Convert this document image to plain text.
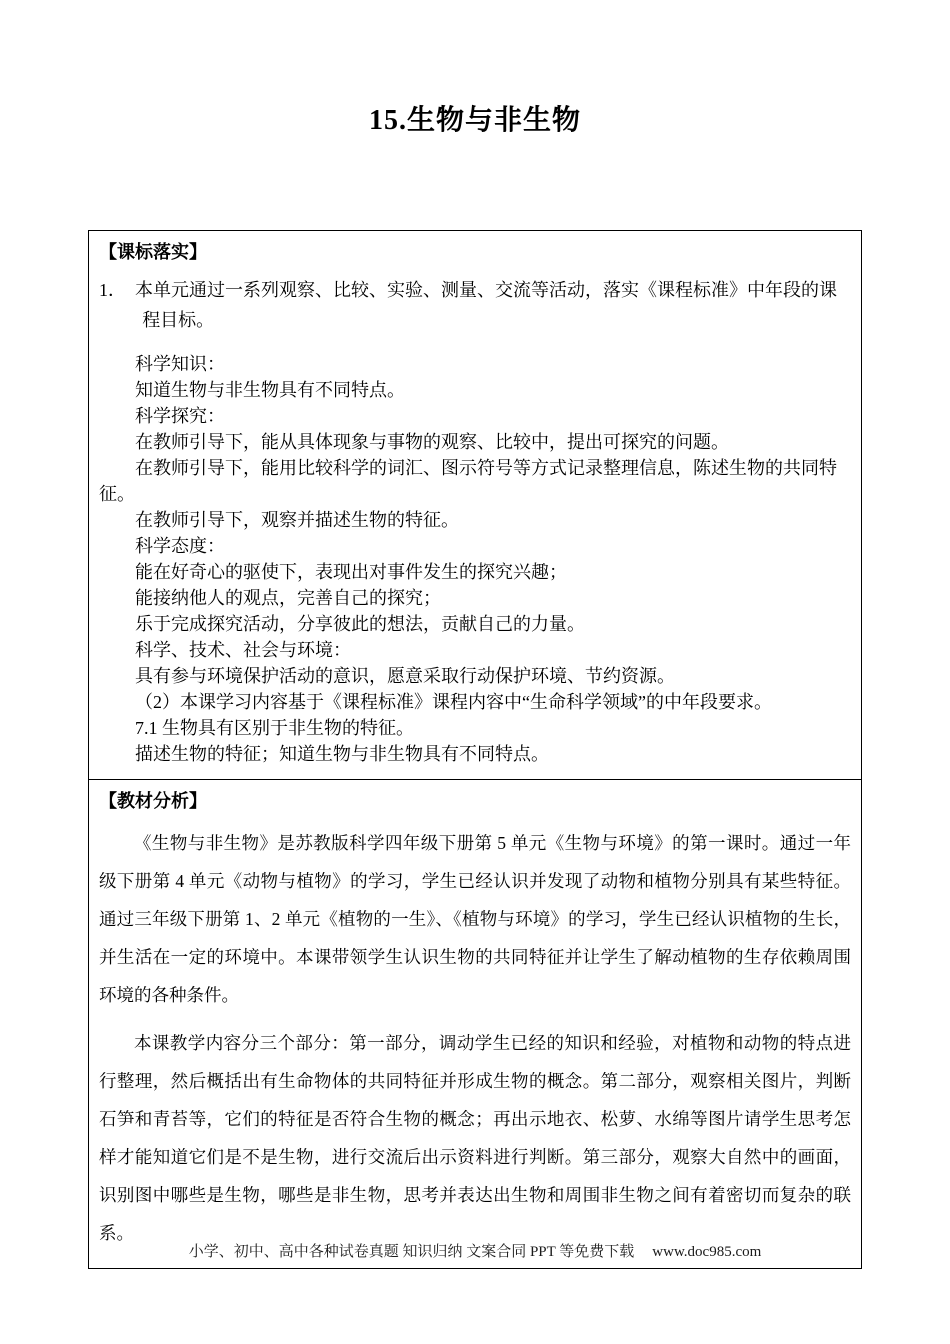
15.生物与非生物

【课标落实】

1．　本单元通过一系列观察、比较、实验、测量、交流等活动，落实《课程标准》中年段的课程目标。

科学知识：

知道生物与非生物具有不同特点。

科学探究：

在教师引导下，能从具体现象与事物的观察、比较中，提出可探究的问题。

在教师引导下，能用比较科学的词汇、图示符号等方式记录整理信息，陈述生物的共同特征。

在教师引导下，观察并描述生物的特征。

科学态度：

能在好奇心的驱使下，表现出对事件发生的探究兴趣；

能接纳他人的观点，完善自己的探究；

乐于完成探究活动，分享彼此的想法，贡献自己的力量。

科学、技术、社会与环境：

具有参与环境保护活动的意识，愿意采取行动保护环境、节约资源。

（2）本课学习内容基于《课程标准》课程内容中“生命科学领域”的中年段要求。

7.1 生物具有区别于非生物的特征。

描述生物的特征；知道生物与非生物具有不同特点。

【教材分析】

《生物与非生物》是苏教版科学四年级下册第 5 单元《生物与环境》的第一课时。通过一年级下册第 4 单元《动物与植物》的学习，学生已经认识并发现了动物和植物分别具有某些特征。通过三年级下册第 1、2 单元《植物的一生》、《植物与环境》的学习，学生已经认识植物的生长，并生活在一定的环境中。本课带领学生认识生物的共同特征并让学生了解动植物的生存依赖周围环境的各种条件。

本课教学内容分三个部分：第一部分，调动学生已经的知识和经验，对植物和动物的特点进行整理，然后概括出有生命物体的共同特征并形成生物的概念。第二部分，观察相关图片，判断石笋和青苔等，它们的特征是否符合生物的概念；再出示地衣、松萝、水绵等图片请学生思考怎样才能知道它们是不是生物，进行交流后出示资料进行判断。第三部分，观察大自然中的画面，识别图中哪些是生物，哪些是非生物，思考并表达出生物和周围非生物之间有着密切而复杂的联系。

小学、初中、高中各种试卷真题 知识归纳 文案合同 PPT 等免费下载 www.doc985.com
